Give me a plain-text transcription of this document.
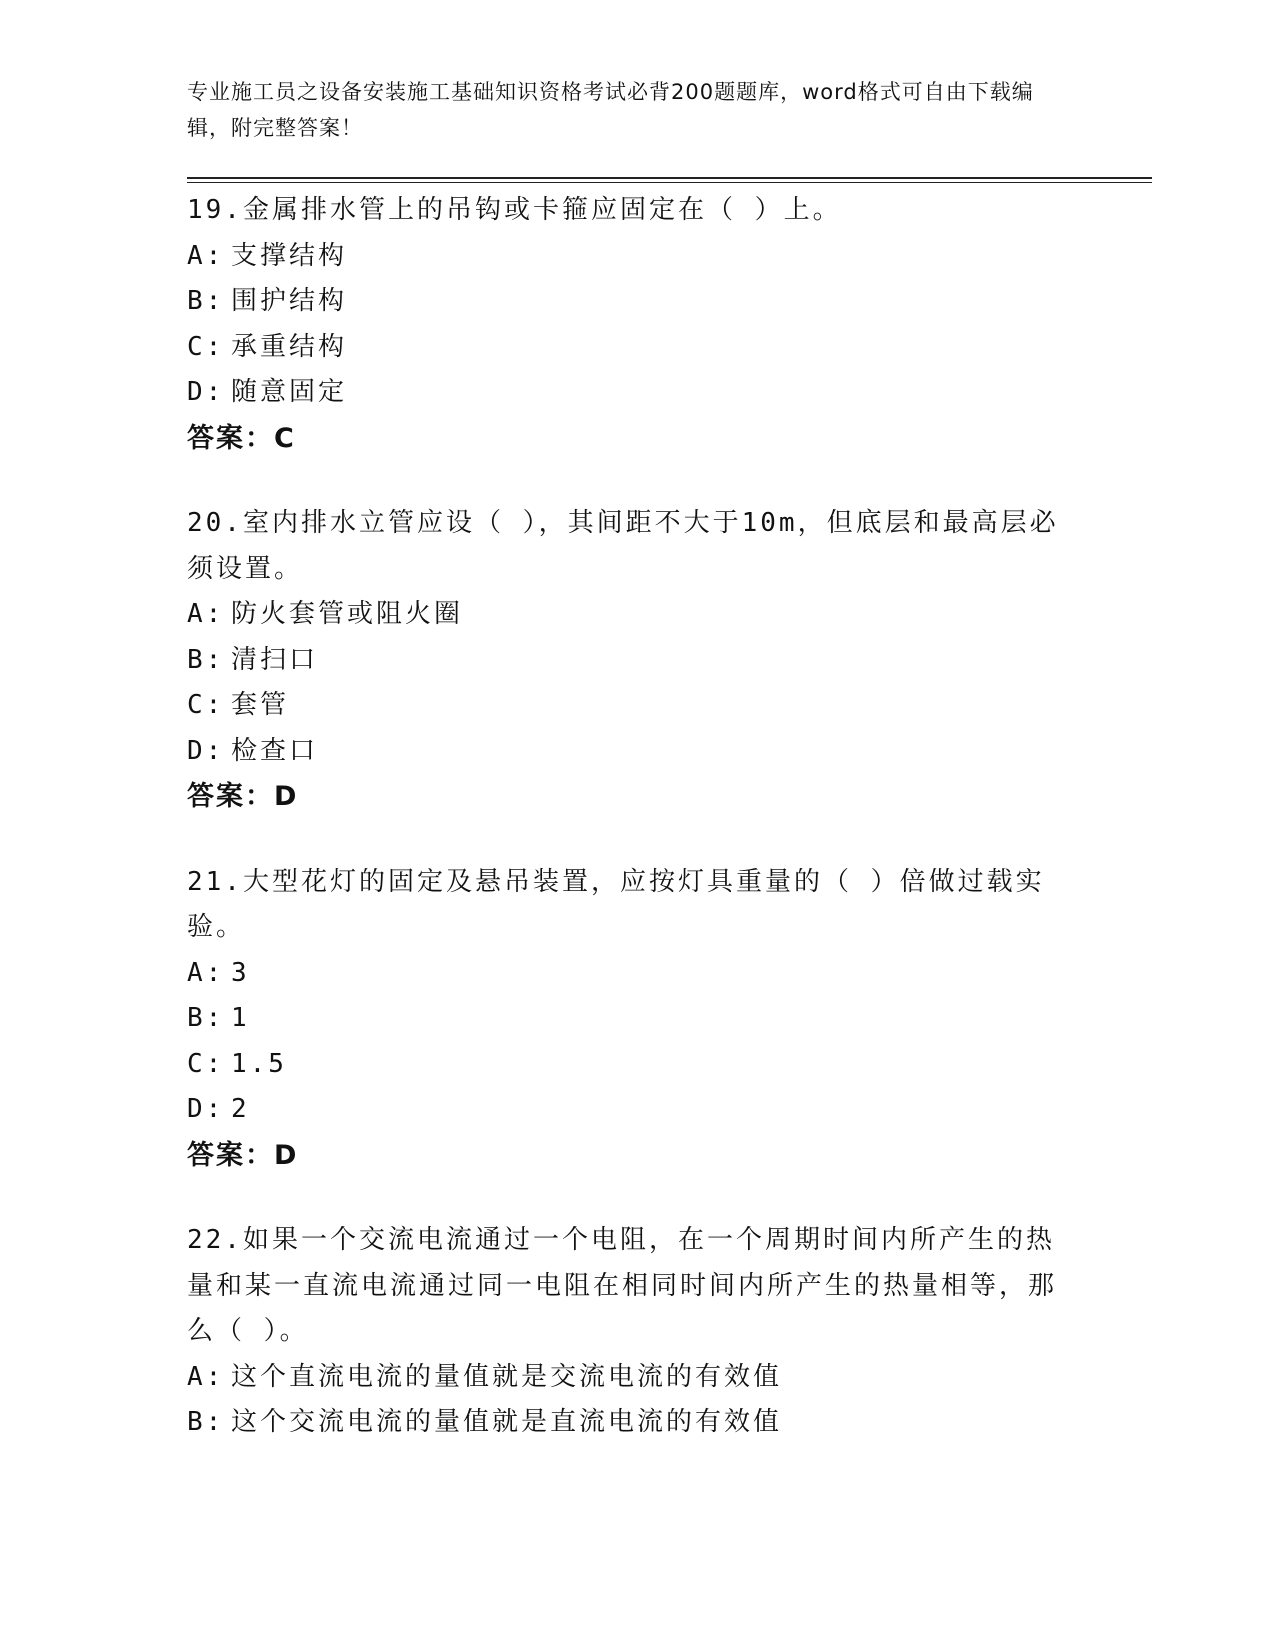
专业施工员之设备安装施工基础知识资格考试必背200题题库，word格式可自由下载编辑，附完整答案！

19.金属排水管上的吊钩或卡箍应固定在（ ）上。

A: 支撑结构

B: 围护结构

C: 承重结构

D: 随意固定

答案：C

20.室内排水立管应设（ ），其间距不大于10m，但底层和最高层必须设置。

A: 防火套管或阻火圈

B: 清扫口

C: 套管

D: 检查口

答案：D

21.大型花灯的固定及悬吊装置，应按灯具重量的（ ）倍做过载实验。

A: 3

B: 1

C: 1.5

D: 2

答案：D

22.如果一个交流电流通过一个电阻，在一个周期时间内所产生的热量和某一直流电流通过同一电阻在相同时间内所产生的热量相等，那么（ ）。

A: 这个直流电流的量值就是交流电流的有效值

B: 这个交流电流的量值就是直流电流的有效值
